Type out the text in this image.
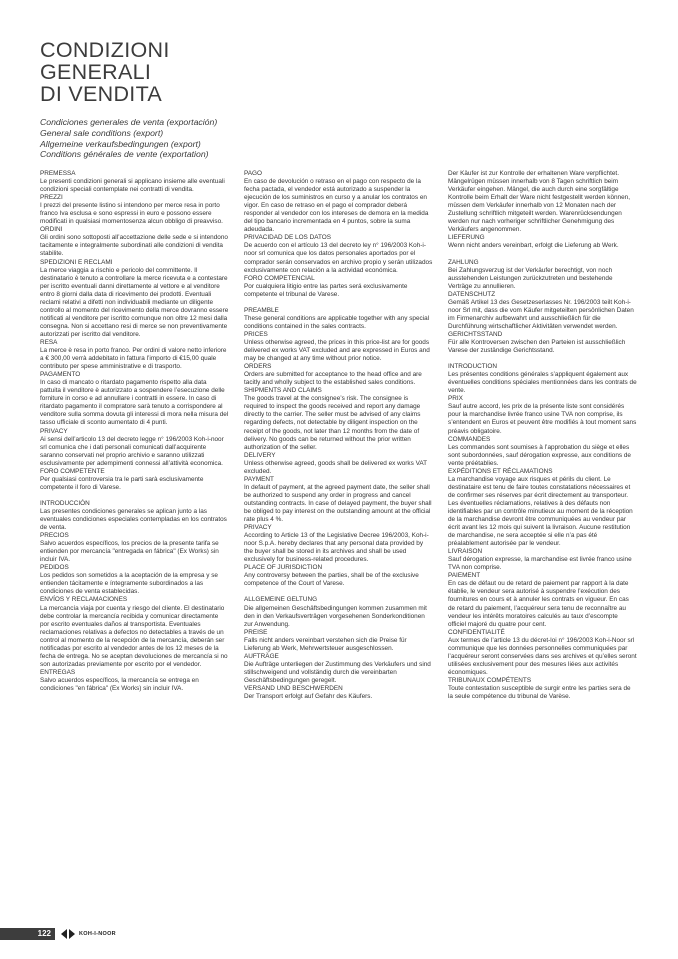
CONDIZIONI
GENERALI
DI VENDITA
Condiciones generales de venta (exportación)
General sale conditions (export)
Allgemeine verkaufsbedingungen (export)
Conditions générales de vente (exportation)
PREMESSA
Le presenti condizioni generali si applicano insieme alle eventuali condizioni speciali contemplate nei contratti di vendita.
PREZZI
I prezzi del presente listino si intendono per merce resa in porto franco Iva esclusa e sono espressi in euro e possono essere modificati in qualsiasi momentosenza alcun obbligo di preavviso.
ORDINI
Gli ordini sono sottoposti all’accettazione delle sede e si intendono tacitamente e integralmente subordinati alle condizioni di vendita stabilite.
SPEDIZIONI E RECLAMI
La merce viaggia a rischio e pericolo del committente. Il destinatario è tenuto a controllare la merce ricevuta e a contestare per iscritto eventuali danni direttamente al vettore e al venditore entro 8 giorni dalla data di ricevimento dei prodotti. Eventuali reclami relativi a difetti non individuabili mediante un diligente controllo al momento del ricevimento della merce dovranno essere notificati al venditore per iscritto comunque non oltre 12 mesi dalla consegna. Non si accettano resi di merce se non preventivamente autorizzati per iscritto dal venditore.
RESA
La merce è resa in porto franco. Per ordini di valore netto inferiore a € 300,00 verrà addebitato in fattura l’importo di €15,00 quale contributo per spese amministrative e di trasporto.
PAGAMENTO
In caso di mancato o ritardato pagamento rispetto alla data pattuita il venditore è autorizzato a sospendere l’esecuzione delle forniture in corso e ad annullare i contratti in essere. In caso di ritardato pagamento il compratore sarà tenuto a corrispondere al venditore sulla somma dovuta gli interessi di mora nella misura del tasso ufficiale di sconto aumentato di 4 punti.
PRIVACY
Ai sensi dell’articolo 13 del decreto legge n° 196/2003 Koh-i-noor srl comunica che i dati personali comunicati dall’acquirente saranno conservati nel proprio archivio e saranno utilizzati esclusivamente per adempimenti connessi all’attività economica.
FORO COMPETENTE
Per qualsiasi controversia tra le parti sarà esclusivamente competente il foro di Varese.
INTRODUCCIÓN
Las presentes condiciones generales se aplican junto a las eventuales condiciones especiales contempladas en los contratos de venta.
PRECIOS
Salvo acuerdos específicos, los precios de la presente tarifa se entienden por mercancía "entregada en fábrica" (Ex Works) sin incluir IVA.
PEDIDOS
Los pedidos son sometidos a la aceptación de la empresa y se entienden tácitamente e íntegramente subordinados a las condiciones de venta establecidas.
ENVÍOS Y RECLAMACIONES
La mercancía viaja por cuenta y riesgo del cliente. El destinatario debe controlar la mercancía recibida y comunicar directamente por escrito eventuales daños al transportista. Eventuales reclamaciones relativas a defectos no detectables a través de un control al momento de la recepción de la mercancía, deberán ser notificadas por escrito al vendedor antes de los 12 meses de la fecha de entrega. No se aceptan devoluciones de mercancía si no son autorizadas previamente por escrito por el vendedor.
ENTREGAS
Salvo acuerdos específicos, la mercancía se entrega en condiciones "en fábrica" (Ex Works) sin incluir IVA.
PAGO
En caso de devolución o retraso en el pago con respecto de la fecha pactada, el vendedor está autorizado a suspender la ejecución de los suministros en curso y a anular los contratos en vigor. En caso de retraso en el pago el comprador deberá responder al vendedor con los intereses de demora en la medida del tipo bancario incrementada en 4 puntos, sobre la suma adeudada.
PRIVACIDAD DE LOS DATOS
De acuerdo con el artículo 13 del decreto ley n° 196/2003 Koh-i-noor srl comunica que los datos personales aportados por el comprador serán conservados en archivo propio y serán utilizados exclusivamente con relación a la actividad económica.
FORO COMPETENCIAL
Por cualquiera litigio entre las partes será exclusivamente competente el tribunal de Varese.
PREAMBLE
These general conditions are applicable together with any special conditions contained in the sales contracts.
PRICES
Unless otherwise agreed, the prices in this price-list are for goods delivered ex works VAT excluded and are expressed in Euros and may be changed at any time without prior notice.
ORDERS
Orders are submitted for acceptance to the head office and are tacitly and wholly subject to the established sales conditions.
SHIPMENTS AND CLAIMS
The goods travel at the consignee’s risk. The consignee is required to inspect the goods received and report any damage directly to the carrier. The seller must be advised of any claims regarding defects, not detectable by diligent inspection on the receipt of the goods, not later than 12 months from the date of delivery. No goods can be returned without the prior written authorization of the seller.
DELIVERY
Unless otherwise agreed, goods shall be delivered ex works VAT excluded.
PAYMENT
In default of payment, at the agreed payment date, the seller shall be authorized to suspend any order in progress and cancel outstanding contracts. In case of delayed payment, the buyer shall be obliged to pay interest on the outstanding amount at the official rate plus 4 %.
PRIVACY
According to Article 13 of the Legislative Decree 196/2003, Koh-i-noor S.p.A. hereby declares that any personal data provided by the buyer shall be stored in its archives and shall be used exclusively for business-related procedures.
PLACE OF JURISDICTION
Any controversy between the parties, shall be of the exclusive competence of the Court of Varese.
ALLGEMEINE GELTUNG
Die allgemeinen Geschäftsbedingungen kommen zusammen mit den in den Verkaufsverträgen vorgesehenen Sonderkonditionen zur Anwendung.
PREISE
Falls nicht anders vereinbart verstehen sich die Preise für Lieferung ab Werk, Mehrwertsteuer ausgeschlossen.
AUFTRÄGE
Die Aufträge unterliegen der Zustimmung des Verkäufers und sind stillschweigend und vollständig durch die vereinbarten Geschäftsbedingungen geregelt.
VERSAND UND BESCHWERDEN
Der Transport erfolgt auf Gefahr des Käufers.
Der Käufer ist zur Kontrolle der erhaltenen Ware verpflichtet. Mängelrügen müssen innerhalb von 8 Tagen schriftlich beim Verkäufer eingehen. Mängel, die auch durch eine sorgfältige Kontrolle beim Erhalt der Ware nicht festgestellt werden können, müssen dem Verkäufer innerhalb von 12 Monaten nach der Zustellung schriftlich mitgeteilt werden. Warenrücksendungen werden nur nach vorheriger schriftlicher Genehmigung des Verkäufers angenommen.
LIEFERUNG
Wenn nicht anders vereinbart, erfolgt die Lieferung ab Werk.
ZAHLUNG
Bei Zahlungsverzug ist der Verkäufer berechtigt, von noch ausstehenden Leistungen zurückzutreten und bestehende Verträge zu annullieren.
DATENSCHUTZ
Gemäß Artikel 13 des Gesetzeserlasses Nr. 196/2003 teilt Koh-i-noor Srl mit, dass die vom Käufer mitgeteilten persönlichen Daten im Firmenarchiv aufbewahrt und ausschließlich für die Durchführung wirtschaftlicher Aktivitäten verwendet werden.
GERICHTSSTAND
Für alle Kontroversen zwischen den Parteien ist ausschließlich Varese der zuständige Gerichtsstand.
INTRODUCTION
Les présentes conditions générales s’appliquent également aux éventuelles conditions spéciales mentionnées dans les contrats de vente.
PRIX
Sauf autre accord, les prix de la présente liste sont considérés pour la marchandise livrée franco usine TVA non comprise, ils s’entendent en Euros et peuvent être modifiés à tout moment sans préavis obligatoire.
COMMANDES
Les commandes sont soumises à l’approbation du siège et elles sont subordonnées, sauf dérogation expresse, aux conditions de vente préétablies.
EXPÉDITIONS ET RÉCLAMATIONS
La marchandise voyage aux risques et périls du client. Le destinataire est tenu de faire toutes constatations nécessaires et de confirmer ses réserves par écrit directement au transporteur. Les éventuelles réclamations, relatives à des défauts non identifiables par un contrôle minutieux au moment de la réception de la marchandise devront être communiquées au vendeur par écrit avant les 12 mois qui suivent la livraison. Aucune restitution de marchandise, ne sera acceptée si elle n’a pas été préalablement autorisée par le vendeur.
LIVRAISON
Sauf dérogation expresse, la marchandise est livrée franco usine TVA non comprise.
PAIEMENT
En cas de défaut ou de retard de paiement par rapport à la date établie, le vendeur sera autorisé à suspendre l’exécution des fournitures en cours et à annuler les contrats en vigueur. En cas de retard du paiement, l’acquéreur sera tenu de reconnaître au vendeur les intérêts moratoires calculés au taux d’escompte officiel majoré du quatre pour cent.
CONFIDENTIALITÉ
Aux termes de l’article 13 du décret-loi n° 196/2003 Koh-i-Noor srl communique que les données personnelles communiquées par l’acquéreur seront conservées dans ses archives et qu’elles seront utilisées exclusivement pour des mesures liées aux activités économiques.
TRIBUNAUX COMPÉTENTS
Toute contestation susceptible de surgir entre les parties sera de la seule compétence du tribunal de Varèse.
122	KOH-I-NOOR
